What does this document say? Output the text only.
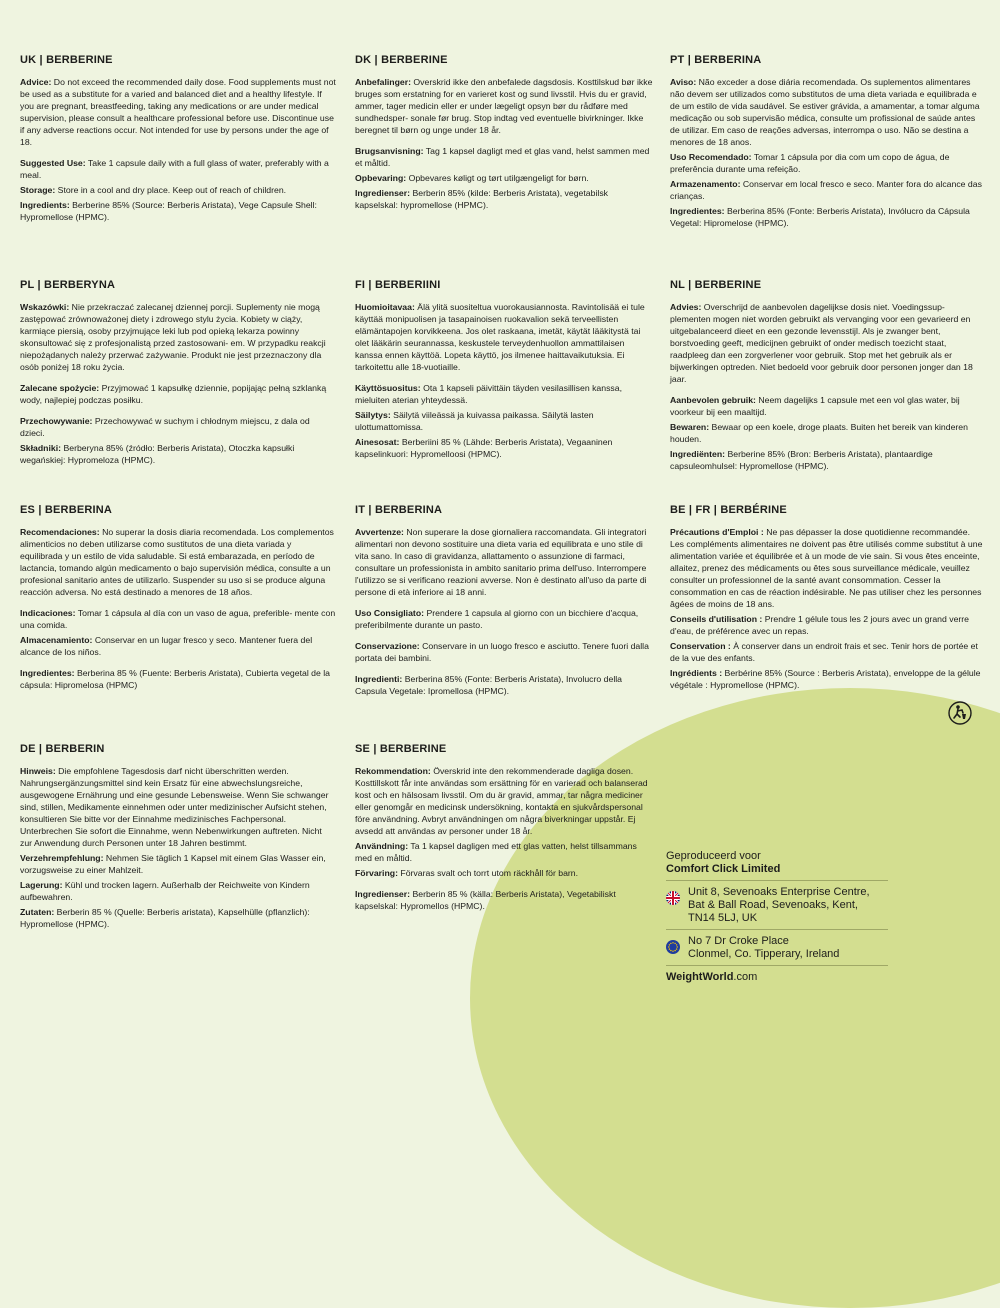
UK | BERBERINE

Advice: Do not exceed the recommended daily dose. Food supplements must not be used as a substitute for a varied and balanced diet and a healthy lifestyle. If you are pregnant, breastfeeding, taking any medications or are under medical supervision, please consult a healthcare professional before use. Discontinue use if any adverse reactions occur. Not intended for use by persons under the age of 18.

Suggested Use: Take 1 capsule daily with a full glass of water, preferably with a meal.

Storage: Store in a cool and dry place. Keep out of reach of children.

Ingredients: Berberine 85% (Source: Berberis Aristata), Vege Capsule Shell: Hypromellose (HPMC).

DK | BERBERINE

Anbefalinger: Overskrid ikke den anbefalede dagsdosis. Kosttilskud bør ikke bruges som erstatning for en varieret kost og sund livsstil. Hvis du er gravid, ammer, tager medicin eller er under lægeligt opsyn bør du rådføre med sundhedsper- sonale før brug. Stop indtag ved eventuelle bivirkninger. Ikke beregnet til børn og unge under 18 år.

Brugsanvisning: Tag 1 kapsel dagligt med et glas vand, helst sammen med et måltid.

Opbevaring: Opbevares køligt og tørt utilgængeligt for børn.

Ingredienser: Berberin 85% (kilde: Berberis Aristata), vegetabilsk kapselskal: hypromellose (HPMC).

PT | BERBERINA

Aviso: Não exceder a dose diária recomendada. Os suplementos alimentares não devem ser utilizados como substitutos de uma dieta variada e equilibrada e de um estilo de vida saudável. Se estiver grávida, a amamentar, a tomar alguma medicação ou sob supervisão médica, consulte um profissional de saúde antes de utilizar. Em caso de reações adversas, interrompa o uso. Não se destina a menores de 18 anos.

Uso Recomendado: Tomar 1 cápsula por dia com um copo de água, de preferência durante uma refeição.

Armazenamento: Conservar em local fresco e seco. Manter fora do alcance das crianças.

Ingredientes: Berberina 85% (Fonte: Berberis Aristata), Invólucro da Cápsula Vegetal: Hipromelose (HPMC).

PL | BERBERYNA

Wskazówki: Nie przekraczać zalecanej dziennej porcji. Suplementy nie mogą zastępować zrównoważonej diety i zdrowego stylu życia. Kobiety w ciąży, karmiące piersią, osoby przyjmujące leki lub pod opieką lekarza powinny skonsultować się z profesjonalistą przed zastosowani- em. W przypadku reakcji niepożądanych należy przerwać zażywanie. Produkt nie jest przeznaczony dla osób poniżej 18 roku życia.

Zalecane spożycie: Przyjmować 1 kapsułkę dziennie, popijając pełną szklanką wody, najlepiej podczas posiłku.

Przechowywanie: Przechowywać w suchym i chłodnym miejscu, z dala od dzieci.

Składniki: Berberyna 85% (źródło: Berberis Aristata), Otoczka kapsułki wegańskiej: Hypromeloza (HPMC).

FI | BERBERIINI

Huomioitavaa: Älä ylitä suositeltua vuorokausiannosta. Ravintolisää ei tule käyttää monipuolisen ja tasapainoisen ruokavalion sekä terveellisten elämäntapojen korvikkeena. Jos olet raskaana, imetät, käytät lääkitystä tai olet lääkärin seurannassa, keskustele terveydenhuollon ammattilaisen kanssa ennen käyttöä. Lopeta käyttö, jos ilmenee haittavaikutuksia. Ei tarkoitettu alle 18-vuotiaille.

Käyttösuositus: Ota 1 kapseli päivittäin täyden vesilasillisen kanssa, mieluiten aterian yhteydessä.

Säilytys: Säilytä viileässä ja kuivassa paikassa. Säilytä lasten ulottumattomissa.

Ainesosat: Berberiini 85 % (Lähde: Berberis Aristata), Vegaaninen kapselinkuori: Hypromelloosi (HPMC).

NL | BERBERINE

Advies: Overschrijd de aanbevolen dagelijkse dosis niet. Voedingssup- plementen mogen niet worden gebruikt als vervanging voor een gevarieerd en uitgebalanceerd dieet en een gezonde levensstijl. Als je zwanger bent, borstvoeding geeft, medicijnen gebruikt of onder medisch toezicht staat, raadpleeg dan een zorgverlener voor gebruik. Stop met het gebruik als er bijwerkingen optreden. Niet bedoeld voor gebruik door personen jonger dan 18 jaar.

Aanbevolen gebruik: Neem dagelijks 1 capsule met een vol glas water, bij voorkeur bij een maaltijd.

Bewaren: Bewaar op een koele, droge plaats. Buiten het bereik van kinderen houden.

Ingrediënten: Berberine 85% (Bron: Berberis Aristata), plantaardige capsuleomhulsel: Hypromellose (HPMC).

ES | BERBERINA

Recomendaciones: No superar la dosis diaria recomendada. Los complementos alimenticios no deben utilizarse como sustitutos de una dieta variada y equilibrada y un estilo de vida saludable. Si está embarazada, en período de lactancia, tomando algún medicamento o bajo supervisión médica, consulte a un profesional sanitario antes de utilizarlo. Suspender su uso si se produce alguna reacción adversa. No está destinado a menores de 18 años.

Indicaciones: Tomar 1 cápsula al día con un vaso de agua, preferible- mente con una comida.

Almacenamiento: Conservar en un lugar fresco y seco. Mantener fuera del alcance de los niños.

Ingredientes: Berberina 85 % (Fuente: Berberis Aristata), Cubierta vegetal de la cápsula: Hipromelosa (HPMC)

IT | BERBERINA

Avvertenze: Non superare la dose giornaliera raccomandata. Gli integratori alimentari non devono sostituire una dieta varia ed equilibrata e uno stile di vita sano. In caso di gravidanza, allattamento o assunzione di farmaci, consultare un professionista in ambito sanitario prima dell'uso. Interrompere l'utilizzo se si verificano reazioni avverse. Non è destinato all'uso da parte di persone di età inferiore ai 18 anni.

Uso Consigliato: Prendere 1 capsula al giorno con un bicchiere d'acqua, preferibilmente durante un pasto.

Conservazione: Conservare in un luogo fresco e asciutto. Tenere fuori dalla portata dei bambini.

Ingredienti: Berberina 85% (Fonte: Berberis Aristata), Involucro della Capsula Vegetale: Ipromellosa (HPMC).

BE | FR | BERBÉRINE

Précautions d'Emploi : Ne pas dépasser la dose quotidienne recommandée. Les compléments alimentaires ne doivent pas être utilisés comme substitut à une alimentation variée et équilibrée et à un mode de vie sain. Si vous êtes enceinte, allaitez, prenez des médicaments ou êtes sous surveillance médicale, veuillez consulter un professionnel de la santé avant consommation. Cesser la consommation en cas de réaction indésirable. Ne pas utiliser chez les personnes âgées de moins de 18 ans.

Conseils d'utilisation : Prendre 1 gélule tous les 2 jours avec un grand verre d'eau, de préférence avec un repas.

Conservation : À conserver dans un endroit frais et sec. Tenir hors de portée et de la vue des enfants.

Ingrédients : Berbérine 85% (Source : Berberis Aristata), enveloppe de la gélule végétale : Hypromellose (HPMC).

DE | BERBERIN

Hinweis: Die empfohlene Tagesdosis darf nicht überschritten werden. Nahrungsergänzungsmittel sind kein Ersatz für eine abwechslungsreiche, ausgewogene Ernährung und eine gesunde Lebensweise. Wenn Sie schwanger sind, stillen, Medikamente einnehmen oder unter medizinischer Aufsicht stehen, konsultieren Sie bitte vor der Einnahme medizinisches Fachpersonal. Unterbrechen Sie sofort die Einnahme, wenn Nebenwirkungen auftreten. Nicht zur Anwendung durch Personen unter 18 Jahren bestimmt.

Verzehrempfehlung: Nehmen Sie täglich 1 Kapsel mit einem Glas Wasser ein, vorzugsweise zu einer Mahlzeit.

Lagerung: Kühl und trocken lagern. Außerhalb der Reichweite von Kindern aufbewahren.

Zutaten: Berberin 85 % (Quelle: Berberis aristata), Kapselhülle (pflanzlich): Hypromellose (HPMC).

SE | BERBERINE

Rekommendation: Överskrid inte den rekommenderade dagliga dosen. Kosttillskott får inte användas som ersättning för en varierad och balanserad kost och en hälsosam livsstil. Om du är gravid, ammar, tar några mediciner eller genomgår en medicinsk undersökning, kontakta en sjukvårdspersonal före användning. Avbryt användningen om några biverkningar uppstår. Ej avsedd att användas av personer under 18 år.

Användning: Ta 1 kapsel dagligen med ett glas vatten, helst tillsammans med en måltid.

Förvaring: Förvaras svalt och torrt utom räckhåll för barn.

Ingredienser: Berberin 85 % (källa: Berberis Aristata), Vegetabiliskt kapselskal: Hypromellos (HPMC).

Geproduceerd voor
Comfort Click Limited
Unit 8, Sevenoaks Enterprise Centre,
Bat & Ball Road, Sevenoaks, Kent,
TN14 5LJ, UK
No 7 Dr Croke Place
Clonmel, Co. Tipperary, Ireland
WeightWorld.com
